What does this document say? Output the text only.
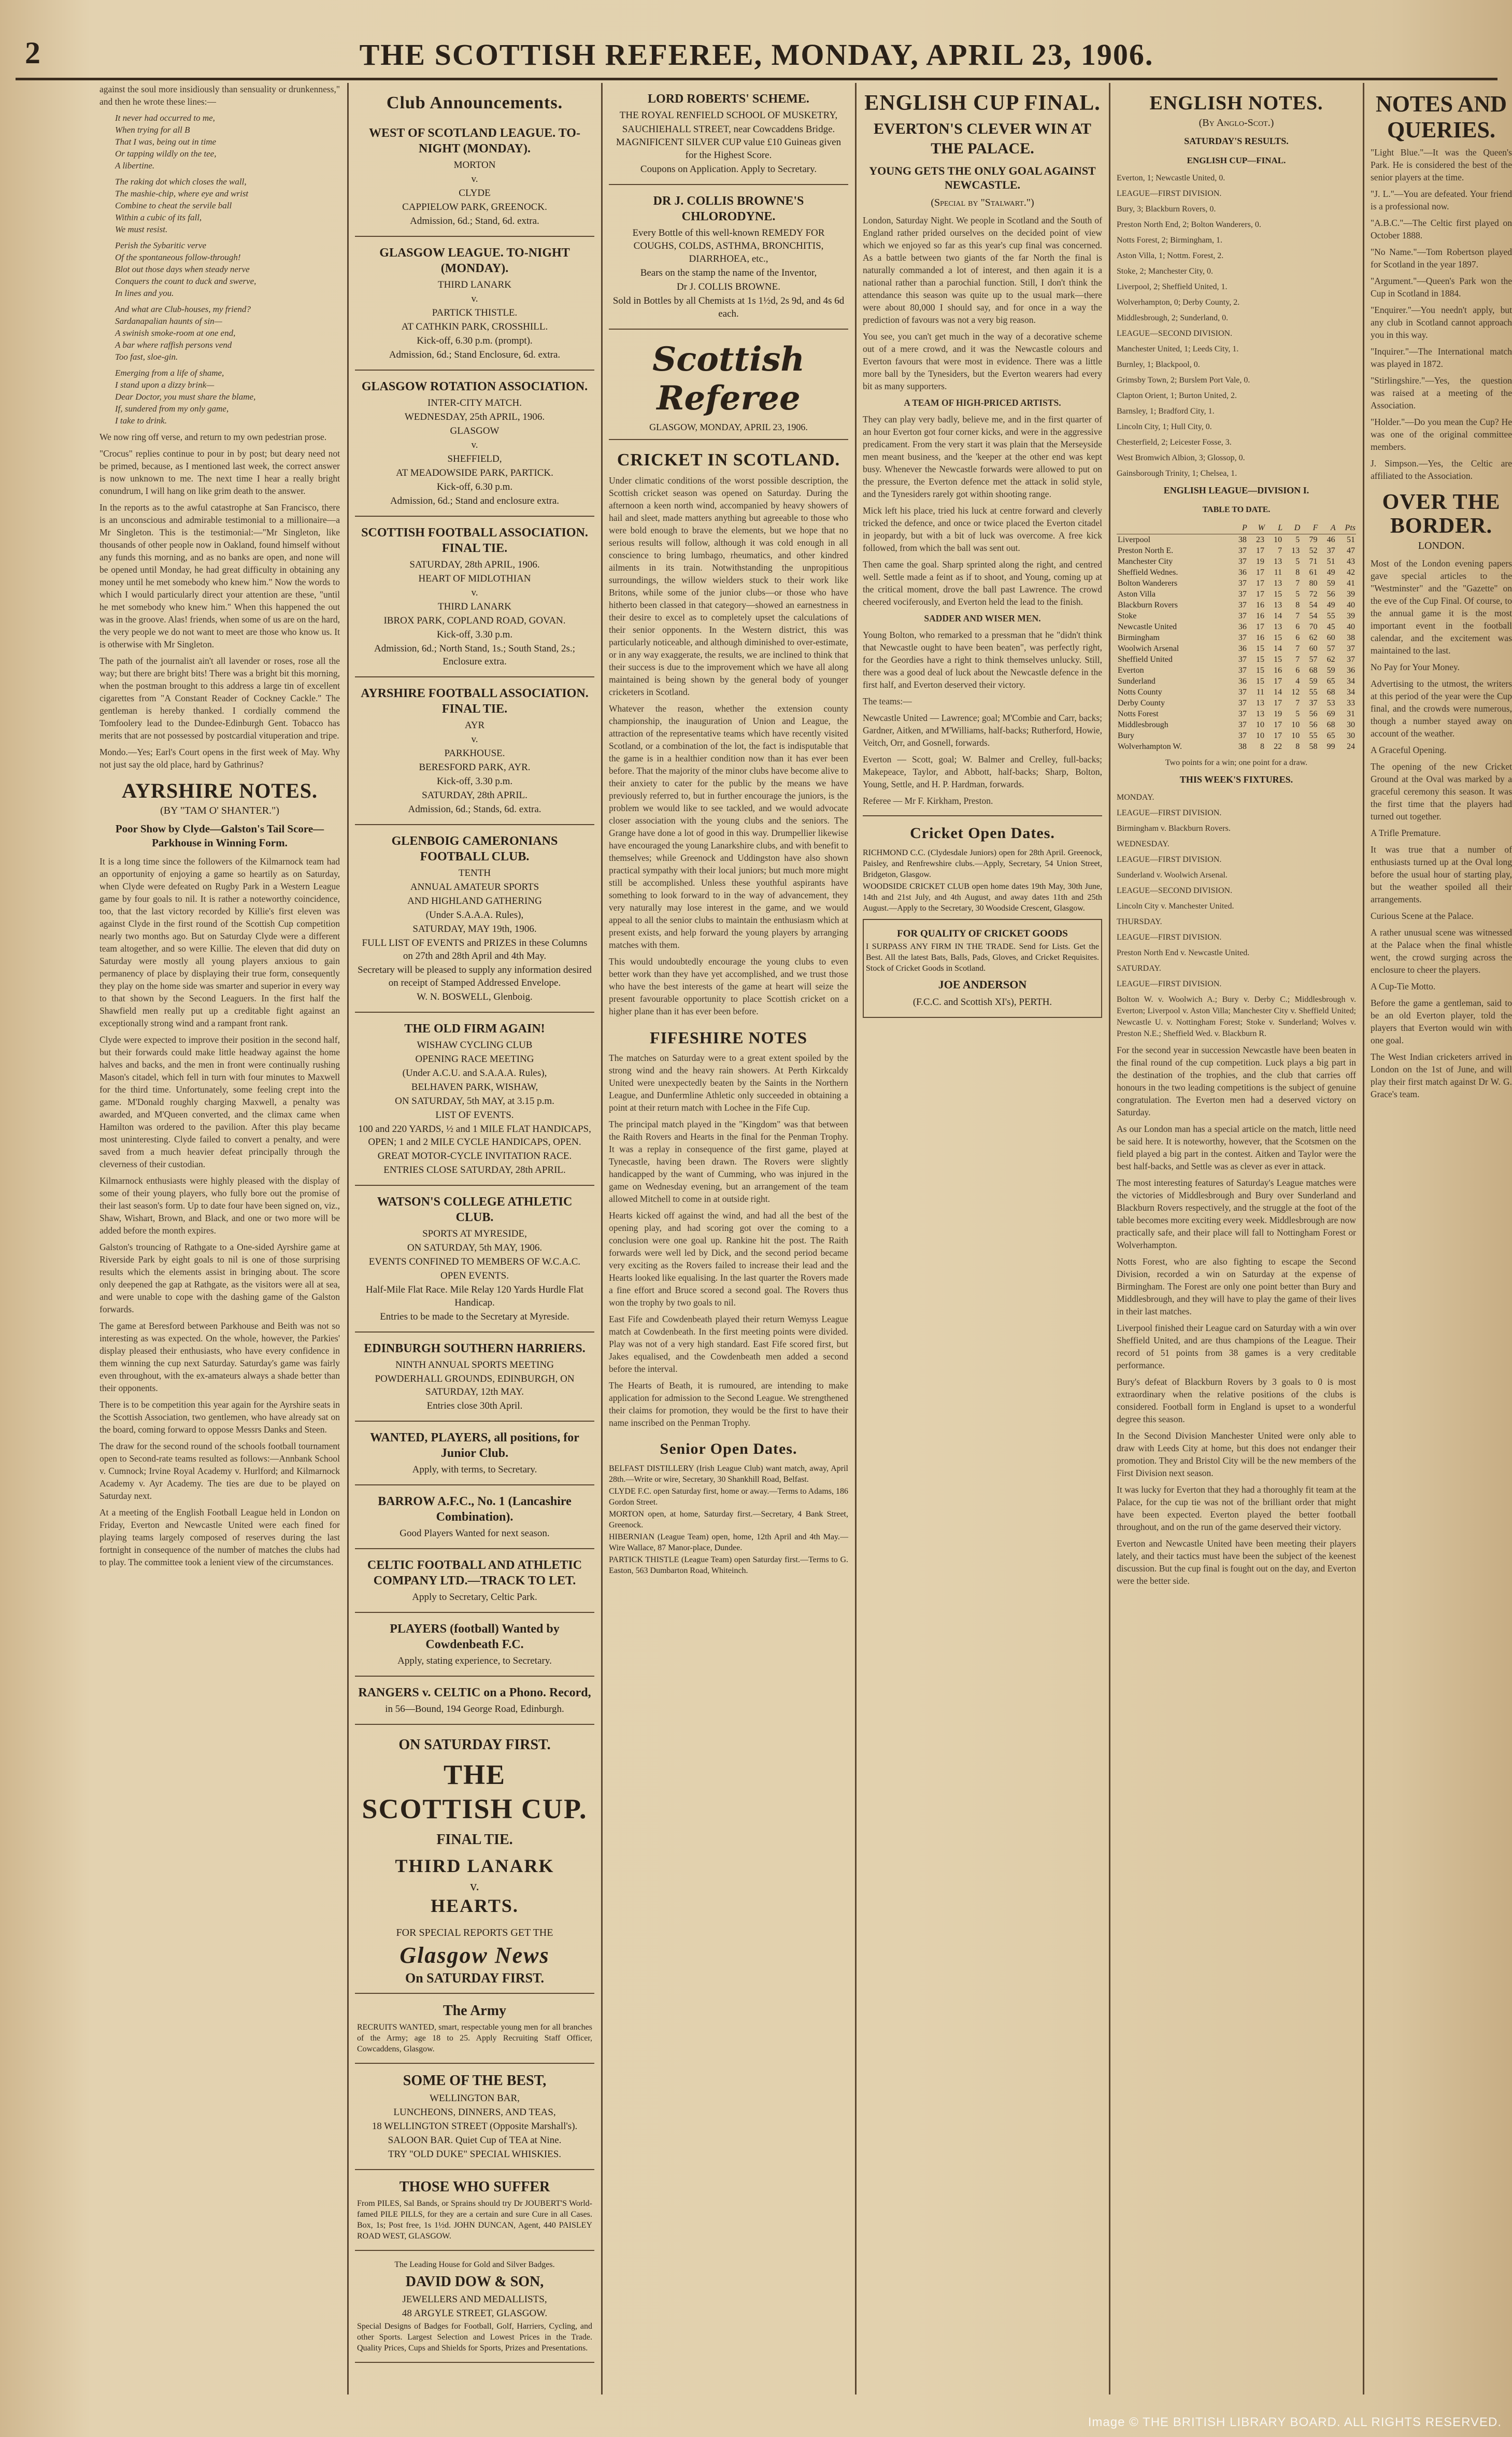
2	THE SCOTTISH REFEREE, MONDAY, APRIL 23, 1906.

against the soul more insidiously than sensuality or drunkenness," and then he wrote these lines:—

It never had occurred to me,
When trying for all B
That I was, being out in time
Or tapping wildly on the tee,
A libertine.
The raking dot which closes the wall,
The mashie-chip, where eye and wrist
Combine to cheat the servile ball
Within a cubic of its fall,
We must resist.
Perish the Sybaritic verve
Of the spontaneous follow-through!
Blot out those days when steady nerve
Conquers the count to duck and swerve,
In lines and you.
And what are Club-houses, my friend?
Sardanapalian haunts of sin—
A swinish smoke-room at one end,
A bar where raffish persons vend
Too fast, sloe-gin.
Emerging from a life of shame,
I stand upon a dizzy brink—
Dear Doctor, you must share the blame,
If, sundered from my only game,
I take to drink.

We now ring off verse, and return to my own pedestrian prose.

"Crocus" replies continue to pour in by post; but deary need not be primed, because, as I mentioned last week, the correct answer is now unknown to me. The next time I hear a really bright conundrum, I will hang on like grim death to the answer.

In the reports as to the awful catastrophe at San Francisco, there is an unconscious and admirable testimonial to a millionaire—a Mr Singleton. This is the testimonial:—"Mr Singleton, like thousands of other people now in Oakland, found himself without any funds this morning, and as no banks are open, and none will be opened until Monday, he had great difficulty in obtaining any money until he met somebody who knew him." Now the words to which I would particularly direct your attention are these, "until he met somebody who knew him." When this happened the out was in the groove. Alas! friends, when some of us are on the hard, the very people we do not want to meet are those who know us. It is otherwise with Mr Singleton.

The path of the journalist ain't all lavender or roses, rose all the way; but there are bright bits! There was a bright bit this morning, when the postman brought to this address a large tin of excellent cigarettes from "A Constant Reader of Cockney Cackle." The gentleman is hereby thanked. I cordially commend the Tomfoolery lead to the Dundee-Edinburgh Gent. Tobacco has merits that are not possessed by postcardial vituperation and tripe.

Mondo.—Yes; Earl's Court opens in the first week of May. Why not just say the old place, hard by Gathrinus?

AYRSHIRE NOTES.
(BY "TAM O' SHANTER.")
Poor Show by Clyde—Galston's Tail Score—Parkhouse in Winning Form.

It is a long time since the followers of the Kilmarnock team had an opportunity of enjoying a game so heartily as on Saturday, when Clyde were defeated on Rugby Park in a Western League game by four goals to nil. It is rather a noteworthy coincidence, too, that the last victory recorded by Killie's first eleven was against Clyde in the first round of the Scottish Cup competition nearly two months ago. But on Saturday Clyde were a different team altogether, and so were Killie. The eleven that did duty on Saturday were mostly all young players anxious to gain permanency of place by displaying their true form, consequently they play on the home side was smarter and superior in every way to that shown by the Second Leaguers. In the first half the Shawfield men really put up a creditable fight against an exceptionally strong wind and a rampant front rank.

Clyde were expected to improve their position in the second half, but their forwards could make little headway against the home halves and backs, and the men in front were continually rushing Mason's citadel, which fell in turn with four minutes to Maxwell for the third time. Unfortunately, some feeling crept into the game. M'Donald roughly charging Maxwell, a penalty was awarded, and M'Queen converted, and the climax came when Hamilton was ordered to the pavilion. After this play became most uninteresting. Clyde failed to convert a penalty, and were saved from a much heavier defeat principally through the cleverness of their custodian.

Kilmarnock enthusiasts were highly pleased with the display of some of their young players, who fully bore out the promise of their last season's form. Up to date four have been signed on, viz., Shaw, Wishart, Brown, and Black, and one or two more will be added before the month expires.

Galston's trouncing of Rathgate to a One-sided Ayrshire game at Riverside Park by eight goals to nil is one of those surprising results which the elements assist in bringing about. The score only deepened the gap at Rathgate, as the visitors were all at sea, and were unable to cope with the dashing game of the Galston forwards.

The game at Beresford between Parkhouse and Beith was not so interesting as was expected. On the whole, however, the Parkies' display pleased their enthusiasts, who have every confidence in them winning the cup next Saturday. Saturday's game was fairly even throughout, with the ex-amateurs always a shade better than their opponents.

There is to be competition this year again for the Ayrshire seats in the Scottish Association, two gentlemen, who have already sat on the board, coming forward to oppose Messrs Danks and Steen.

The draw for the second round of the schools football tournament open to Second-rate teams resulted as follows:—Annbank School v. Cumnock; Irvine Royal Academy v. Hurlford; and Kilmarnock Academy v. Ayr Academy. The ties are due to be played on Saturday next.

At a meeting of the English Football League held in London on Friday, Everton and Newcastle United were each fined for playing teams largely composed of reserves during the last fortnight in consequence of the number of matches the clubs had to play. The committee took a lenient view of the circumstances.

Club Announcements.
WEST OF SCOTLAND LEAGUE. TO-NIGHT (MONDAY).
MORTON
v.
CLYDE
CAPPIELOW PARK, GREENOCK.
Admission, 6d.; Stand, 6d. extra.
GLASGOW LEAGUE. TO-NIGHT (MONDAY).
THIRD LANARK
v.
PARTICK THISTLE.
AT CATHKIN PARK, CROSSHILL.
Kick-off, 6.30 p.m. (prompt).
Admission, 6d.; Stand Enclosure, 6d. extra.
GLASGOW ROTATION ASSOCIATION.
INTER-CITY MATCH.
WEDNESDAY, 25th APRIL, 1906.
GLASGOW
v.
SHEFFIELD,
AT MEADOWSIDE PARK, PARTICK.
Kick-off, 6.30 p.m.
Admission, 6d.; Stand and enclosure extra.
SCOTTISH FOOTBALL ASSOCIATION. FINAL TIE.
SATURDAY, 28th APRIL, 1906.
HEART OF MIDLOTHIAN
v.
THIRD LANARK
IBROX PARK, COPLAND ROAD, GOVAN.
Kick-off, 3.30 p.m.
Admission, 6d.; North Stand, 1s.; South Stand, 2s.; Enclosure extra.
AYRSHIRE FOOTBALL ASSOCIATION. FINAL TIE.
AYR
v.
PARKHOUSE.
BERESFORD PARK, AYR.
Kick-off, 3.30 p.m.
SATURDAY, 28th APRIL.
Admission, 6d.; Stands, 6d. extra.
GLENBOIG CAMERONIANS FOOTBALL CLUB.
TENTH
ANNUAL AMATEUR SPORTS
AND HIGHLAND GATHERING
(Under S.A.A.A. Rules),
SATURDAY, MAY 19th, 1906.
FULL LIST OF EVENTS and PRIZES in these Columns on 27th and 28th April and 4th May.
Secretary will be pleased to supply any information desired on receipt of Stamped Addressed Envelope.
W. N. BOSWELL, Glenboig.
THE OLD FIRM AGAIN!
WISHAW CYCLING CLUB
OPENING RACE MEETING
(Under A.C.U. and S.A.A.A. Rules),
BELHAVEN PARK, WISHAW,
ON SATURDAY, 5th MAY, at 3.15 p.m.
LIST OF EVENTS.
100 and 220 YARDS, ½ and 1 MILE FLAT HANDICAPS, OPEN; 1 and 2 MILE CYCLE HANDICAPS, OPEN.
GREAT MOTOR-CYCLE INVITATION RACE.
ENTRIES CLOSE SATURDAY, 28th APRIL.
WATSON'S COLLEGE ATHLETIC CLUB.
SPORTS AT MYRESIDE,
ON SATURDAY, 5th MAY, 1906.
EVENTS CONFINED TO MEMBERS OF W.C.A.C.
OPEN EVENTS.
Half-Mile Flat Race. Mile Relay 120 Yards Hurdle Flat Handicap.
Entries to be made to the Secretary at Myreside.
EDINBURGH SOUTHERN HARRIERS.
NINTH ANNUAL SPORTS MEETING
POWDERHALL GROUNDS, EDINBURGH, ON SATURDAY, 12th MAY.
Entries close 30th April.
WANTED, PLAYERS, all positions, for Junior Club.
Apply, with terms, to Secretary.
BARROW A.F.C., No. 1 (Lancashire Combination).
Good Players Wanted for next season.
CELTIC FOOTBALL AND ATHLETIC COMPANY LTD.—TRACK TO LET.
Apply to Secretary, Celtic Park.
PLAYERS (football) Wanted by Cowdenbeath F.C.
Apply, stating experience, to Secretary.
RANGERS v. CELTIC on a Phono. Record,
in 56—Bound, 194 George Road, Edinburgh.
ON SATURDAY FIRST.
THE
SCOTTISH CUP.
FINAL TIE.
THIRD LANARK
v.
HEARTS.
FOR SPECIAL REPORTS GET THE
Glasgow News
On SATURDAY FIRST.
The Army
RECRUITS WANTED, smart, respectable young men for all branches of the Army; age 18 to 25. Apply Recruiting Staff Officer, Cowcaddens, Glasgow.
SOME OF THE BEST,
WELLINGTON BAR,
LUNCHEONS, DINNERS, AND TEAS,
18 WELLINGTON STREET (Opposite Marshall's).
SALOON BAR. Quiet Cup of TEA at Nine.
TRY "OLD DUKE" SPECIAL WHISKIES.
THOSE WHO SUFFER
From PILES, Sal Bands, or Sprains should try Dr JOUBERT'S World-famed PILE PILLS, for they are a certain and sure Cure in all Cases. Box, 1s; Post free, 1s 1½d. JOHN DUNCAN, Agent, 440 PAISLEY ROAD WEST, GLASGOW.
The Leading House for Gold and Silver Badges.
DAVID DOW & SON,
JEWELLERS AND MEDALLISTS,
48 ARGYLE STREET, GLASGOW.
Special Designs of Badges for Football, Golf, Harriers, Cycling, and other Sports. Largest Selection and Lowest Prices in the Trade. Quality Prices, Cups and Shields for Sports, Prizes and Presentations.
LORD ROBERTS' SCHEME.
THE ROYAL RENFIELD SCHOOL OF MUSKETRY,
SAUCHIEHALL STREET, near Cowcaddens Bridge. MAGNIFICENT SILVER CUP value £10 Guineas given for the Highest Score.
Coupons on Application. Apply to Secretary.
DR J. COLLIS BROWNE'S CHLORODYNE.
Every Bottle of this well-known REMEDY FOR COUGHS, COLDS, ASTHMA, BRONCHITIS, DIARRHOEA, etc.,
Bears on the stamp the name of the Inventor,
Dr J. COLLIS BROWNE.
Sold in Bottles by all Chemists at 1s 1½d, 2s 9d, and 4s 6d each.
Scottish Referee
GLASGOW, MONDAY, APRIL 23, 1906.
CRICKET IN SCOTLAND.

Under climatic conditions of the worst possible description, the Scottish cricket season was opened on Saturday. During the afternoon a keen north wind, accompanied by heavy showers of hail and sleet, made matters anything but agreeable to those who were bold enough to brave the elements, but we hope that no serious results will follow, although it was cold enough in all conscience to bring lumbago, rheumatics, and other kindred ailments in its train. Notwithstanding the unpropitious surroundings, the willow wielders stuck to their work like Britons, while some of the junior clubs—or those who have hitherto been classed in that category—showed an earnestness in their desire to excel as to completely upset the calculations of their senior opponents. In the Western district, this was particularly noticeable, and although diminished to over-estimate, or in any way exaggerate, the results, we are inclined to think that their success is due to the improvement which we have all along maintained is being shown by the general body of younger cricketers in Scotland.

Whatever the reason, whether the extension county championship, the inauguration of Union and League, the attraction of the representative teams which have recently visited Scotland, or a combination of the lot, the fact is indisputable that the game is in a healthier condition now than it has ever been before. That the majority of the minor clubs have become alive to their anxiety to cater for the public by the means we have previously referred to, but in further encourage the juniors, is the problem we would like to see tackled, and we would advocate closer association with the young clubs and the seniors. The Grange have done a lot of good in this way. Drumpellier likewise have encouraged the young Lanarkshire clubs, and with benefit to themselves; while Greenock and Uddingston have also shown practical sympathy with their local juniors; but much more might still be accomplished. Unless these youthful aspirants have something to look forward to in the way of advancement, they very naturally may lose interest in the game, and we would appeal to all the senior clubs to maintain the enthusiasm which at present exists, and help forward the young players by arranging matches with them.

This would undoubtedly encourage the young clubs to even better work than they have yet accomplished, and we trust those who have the best interests of the game at heart will seize the present favourable opportunity to place Scottish cricket on a higher plane than it has ever been before.

FIFESHIRE NOTES

The matches on Saturday were to a great extent spoiled by the strong wind and the heavy rain showers. At Perth Kirkcaldy United were unexpectedly beaten by the Saints in the Northern League, and Dunfermline Athletic only succeeded in obtaining a point at their return match with Lochee in the Fife Cup.

The principal match played in the "Kingdom" was that between the Raith Rovers and Hearts in the final for the Penman Trophy. It was a replay in consequence of the first game, played at Tynecastle, having been drawn. The Rovers were slightly handicapped by the want of Cumming, who was injured in the game on Wednesday evening, but an arrangement of the team allowed Mitchell to come in at outside right.

Hearts kicked off against the wind, and had all the best of the opening play, and had scoring got over the coming to a conclusion were one goal up. Rankine hit the post. The Raith forwards were well led by Dick, and the second period became very exciting as the Rovers failed to increase their lead and the Hearts looked like equalising. In the last quarter the Rovers made a fine effort and Bruce scored a second goal. The Rovers thus won the trophy by two goals to nil.

East Fife and Cowdenbeath played their return Wemyss League match at Cowdenbeath. In the first meeting points were divided. Play was not of a very high standard. East Fife scored first, but Jakes equalised, and the Cowdenbeath men added a second before the interval.

The Hearts of Beath, it is rumoured, are intending to make application for admission to the Second League. We strengthened their claims for promotion, they would be the first to have their name inscribed on the Penman Trophy.

Senior Open Dates.

BELFAST DISTILLERY (Irish League Club) want match, away, April 28th.—Write or wire, Secretary, 30 Shankhill Road, Belfast.

CLYDE F.C. open Saturday first, home or away.—Terms to Adams, 186 Gordon Street.

MORTON open, at home, Saturday first.—Secretary, 4 Bank Street, Greenock.

HIBERNIAN (League Team) open, home, 12th April and 4th May.—Wire Wallace, 87 Manor-place, Dundee.

PARTICK THISTLE (League Team) open Saturday first.—Terms to G. Easton, 563 Dumbarton Road, Whiteinch.

ENGLISH CUP FINAL.
EVERTON'S CLEVER WIN AT THE PALACE.
YOUNG GETS THE ONLY GOAL AGAINST NEWCASTLE.
(Special by "Stalwart.")

London, Saturday Night. We people in Scotland and the South of England rather prided ourselves on the decided point of view which we enjoyed so far as this year's cup final was concerned. As a battle between two giants of the far North the final is naturally commanded a lot of interest, and then again it is a national rather than a parochial function. Still, I don't think the attendance this season was quite up to the usual mark—there were about 80,000 I should say, and for once in a way the prediction of favours was not a very big reason.

You see, you can't get much in the way of a decorative scheme out of a mere crowd, and it was the Newcastle colours and Everton favours that were most in evidence. There was a little more ball by the Tynesiders, but the Everton wearers had every bit as many supporters.

A TEAM OF HIGH-PRICED ARTISTS.

They can play very badly, believe me, and in the first quarter of an hour Everton got four corner kicks, and were in the aggressive predicament. From the very start it was plain that the Merseyside men meant business, and the 'keeper at the other end was kept busy. Whenever the Newcastle forwards were allowed to put on the pressure, the Everton defence met the attack in solid style, and the Tynesiders rarely got within shooting range.

Mick left his place, tried his luck at centre forward and cleverly tricked the defence, and once or twice placed the Everton citadel in jeopardy, but with a bit of luck was overcome. A free kick followed, from which the ball was sent out.

Then came the goal. Sharp sprinted along the right, and centred well. Settle made a feint as if to shoot, and Young, coming up at the critical moment, drove the ball past Lawrence. The crowd cheered vociferously, and Everton held the lead to the finish.

SADDER AND WISER MEN.

Young Bolton, who remarked to a pressman that he "didn't think that Newcastle ought to have been beaten", was perfectly right, for the Geordies have a right to think themselves unlucky. Still, there was a good deal of luck about the Newcastle defence in the first half, and Everton deserved their victory.

The teams:—

Newcastle United — Lawrence; goal; M'Combie and Carr, backs; Gardner, Aitken, and M'Williams, half-backs; Rutherford, Howie, Veitch, Orr, and Gosnell, forwards.

Everton — Scott, goal; W. Balmer and Crelley, full-backs; Makepeace, Taylor, and Abbott, half-backs; Sharp, Bolton, Young, Settle, and H. P. Hardman, forwards.

Referee — Mr F. Kirkham, Preston.

Cricket Open Dates.

RICHMOND C.C. (Clydesdale Juniors) open for 28th April. Greenock, Paisley, and Renfrewshire clubs.—Apply, Secretary, 54 Union Street, Bridgeton, Glasgow.

WOODSIDE CRICKET CLUB open home dates 19th May, 30th June, 14th and 21st July, and 4th August, and away dates 11th and 25th August.—Apply to the Secretary, 30 Woodside Crescent, Glasgow.

FOR QUALITY OF CRICKET GOODS
I SURPASS ANY FIRM IN THE TRADE. Send for Lists. Get the Best. All the latest Bats, Balls, Pads, Gloves, and Cricket Requisites. Stock of Cricket Goods in Scotland.
JOE ANDERSON
(F.C.C. and Scottish XI's), PERTH.
ENGLISH NOTES.
(By Anglo-Scot.)
SATURDAY'S RESULTS.
ENGLISH CUP—FINAL.
Everton, 1; Newcastle United, 0.
LEAGUE—FIRST DIVISION.
Bury, 3; Blackburn Rovers, 0.
Preston North End, 2; Bolton Wanderers, 0.
Notts Forest, 2; Birmingham, 1.
Aston Villa, 1; Nottm. Forest, 2.
Stoke, 2; Manchester City, 0.
Liverpool, 2; Sheffield United, 1.
Wolverhampton, 0; Derby County, 2.
Middlesbrough, 2; Sunderland, 0.
LEAGUE—SECOND DIVISION.
Manchester United, 1; Leeds City, 1.
Burnley, 1; Blackpool, 0.
Grimsby Town, 2; Burslem Port Vale, 0.
Clapton Orient, 1; Burton United, 2.
Barnsley, 1; Bradford City, 1.
Lincoln City, 1; Hull City, 0.
Chesterfield, 2; Leicester Fosse, 3.
West Bromwich Albion, 3; Glossop, 0.
Gainsborough Trinity, 1; Chelsea, 1.
ENGLISH LEAGUE—DIVISION I.
TABLE TO DATE.
	P	W	L	D	F	A	Pts
Liverpool	38	23	10	5	79	46	51
Preston North E.	37	17	7	13	52	37	47
Manchester City	37	19	13	5	71	51	43
Sheffield Wednes.	36	17	11	8	61	49	42
Bolton Wanderers	37	17	13	7	80	59	41
Aston Villa	37	17	15	5	72	56	39
Blackburn Rovers	37	16	13	8	54	49	40
Stoke	37	16	14	7	54	55	39
Newcastle United	36	17	13	6	70	45	40
Birmingham	37	16	15	6	62	60	38
Woolwich Arsenal	36	15	14	7	60	57	37
Sheffield United	37	15	15	7	57	62	37
Everton	37	15	16	6	68	59	36
Sunderland	36	15	17	4	59	65	34
Notts County	37	11	14	12	55	68	34
Derby County	37	13	17	7	37	53	33
Notts Forest	37	13	19	5	56	69	31
Middlesbrough	37	10	17	10	56	68	30
Bury	37	10	17	10	55	65	30
Wolverhampton W.	38	8	22	8	58	99	24
Two points for a win; one point for a draw.
THIS WEEK'S FIXTURES.
MONDAY.
LEAGUE—FIRST DIVISION.
Birmingham v. Blackburn Rovers.
WEDNESDAY.
LEAGUE—FIRST DIVISION.
Sunderland v. Woolwich Arsenal.
LEAGUE—SECOND DIVISION.
Lincoln City v. Manchester United.
THURSDAY.
LEAGUE—FIRST DIVISION.
Preston North End v. Newcastle United.
SATURDAY.
LEAGUE—FIRST DIVISION.
Bolton W. v. Woolwich A.; Bury v. Derby C.; Middlesbrough v. Everton; Liverpool v. Aston Villa; Manchester City v. Sheffield United; Newcastle U. v. Nottingham Forest; Stoke v. Sunderland; Wolves v. Preston N.E.; Sheffield Wed. v. Blackburn R.

For the second year in succession Newcastle have been beaten in the final round of the cup competition. Luck plays a big part in the destination of the trophies, and the club that carries off honours in the two leading competitions is the subject of genuine congratulation. The Everton men had a deserved victory on Saturday.

As our London man has a special article on the match, little need be said here. It is noteworthy, however, that the Scotsmen on the field played a big part in the contest. Aitken and Taylor were the best half-backs, and Settle was as clever as ever in attack.

The most interesting features of Saturday's League matches were the victories of Middlesbrough and Bury over Sunderland and Blackburn Rovers respectively, and the struggle at the foot of the table becomes more exciting every week. Middlesbrough are now practically safe, and their place will fall to Nottingham Forest or Wolverhampton.

Notts Forest, who are also fighting to escape the Second Division, recorded a win on Saturday at the expense of Birmingham. The Forest are only one point better than Bury and Middlesbrough, and they will have to play the game of their lives in their last matches.

Liverpool finished their League card on Saturday with a win over Sheffield United, and are thus champions of the League. Their record of 51 points from 38 games is a very creditable performance.

Bury's defeat of Blackburn Rovers by 3 goals to 0 is most extraordinary when the relative positions of the clubs is considered. Football form in England is upset to a wonderful degree this season.

In the Second Division Manchester United were only able to draw with Leeds City at home, but this does not endanger their promotion. They and Bristol City will be the new members of the First Division next season.

It was lucky for Everton that they had a thoroughly fit team at the Palace, for the cup tie was not of the brilliant order that might have been expected. Everton played the better football throughout, and on the run of the game deserved their victory.

Everton and Newcastle United have been meeting their players lately, and their tactics must have been the subject of the keenest discussion. But the cup final is fought out on the day, and Everton were the better side.

NOTES AND QUERIES.
"Light Blue."—It was the Queen's Park. He is considered the best of the senior players at the time.
"J. L."—You are defeated. Your friend is a professional now.
"A.B.C."—The Celtic first played on October 1888.
"No Name."—Tom Robertson played for Scotland in the year 1897.
"Argument."—Queen's Park won the Cup in Scotland in 1884.
"Enquirer."—You needn't apply, but any club in Scotland cannot approach you in this way.
"Inquirer."—The International match was played in 1872.
"Stirlingshire."—Yes, the question was raised at a meeting of the Association.
"Holder."—Do you mean the Cup? He was one of the original committee members.
J. Simpson.—Yes, the Celtic are affiliated to the Association.
OVER THE BORDER.
LONDON.
Most of the London evening papers gave special articles to the "Westminster" and the "Gazette" on the eve of the Cup Final. Of course, to the annual game it is the most important event in the football calendar, and the excitement was maintained to the last.
No Pay for Your Money.
Advertising to the utmost, the writers at this period of the year were the Cup final, and the crowds were numerous, though a number stayed away on account of the weather.
A Graceful Opening.
The opening of the new Cricket Ground at the Oval was marked by a graceful ceremony this season. It was the first time that the players had turned out together.
A Trifle Premature.
It was true that a number of enthusiasts turned up at the Oval long before the usual hour of starting play, but the weather spoiled all their arrangements.
Curious Scene at the Palace.
A rather unusual scene was witnessed at the Palace when the final whistle went, the crowd surging across the enclosure to cheer the players.
A Cup-Tie Motto.
Before the game a gentleman, said to be an old Everton player, told the players that Everton would win with one goal.
The West Indian cricketers arrived in London on the 1st of June, and will play their first match against Dr W. G. Grace's team.
Image © THE BRITISH LIBRARY BOARD. ALL RIGHTS RESERVED.
